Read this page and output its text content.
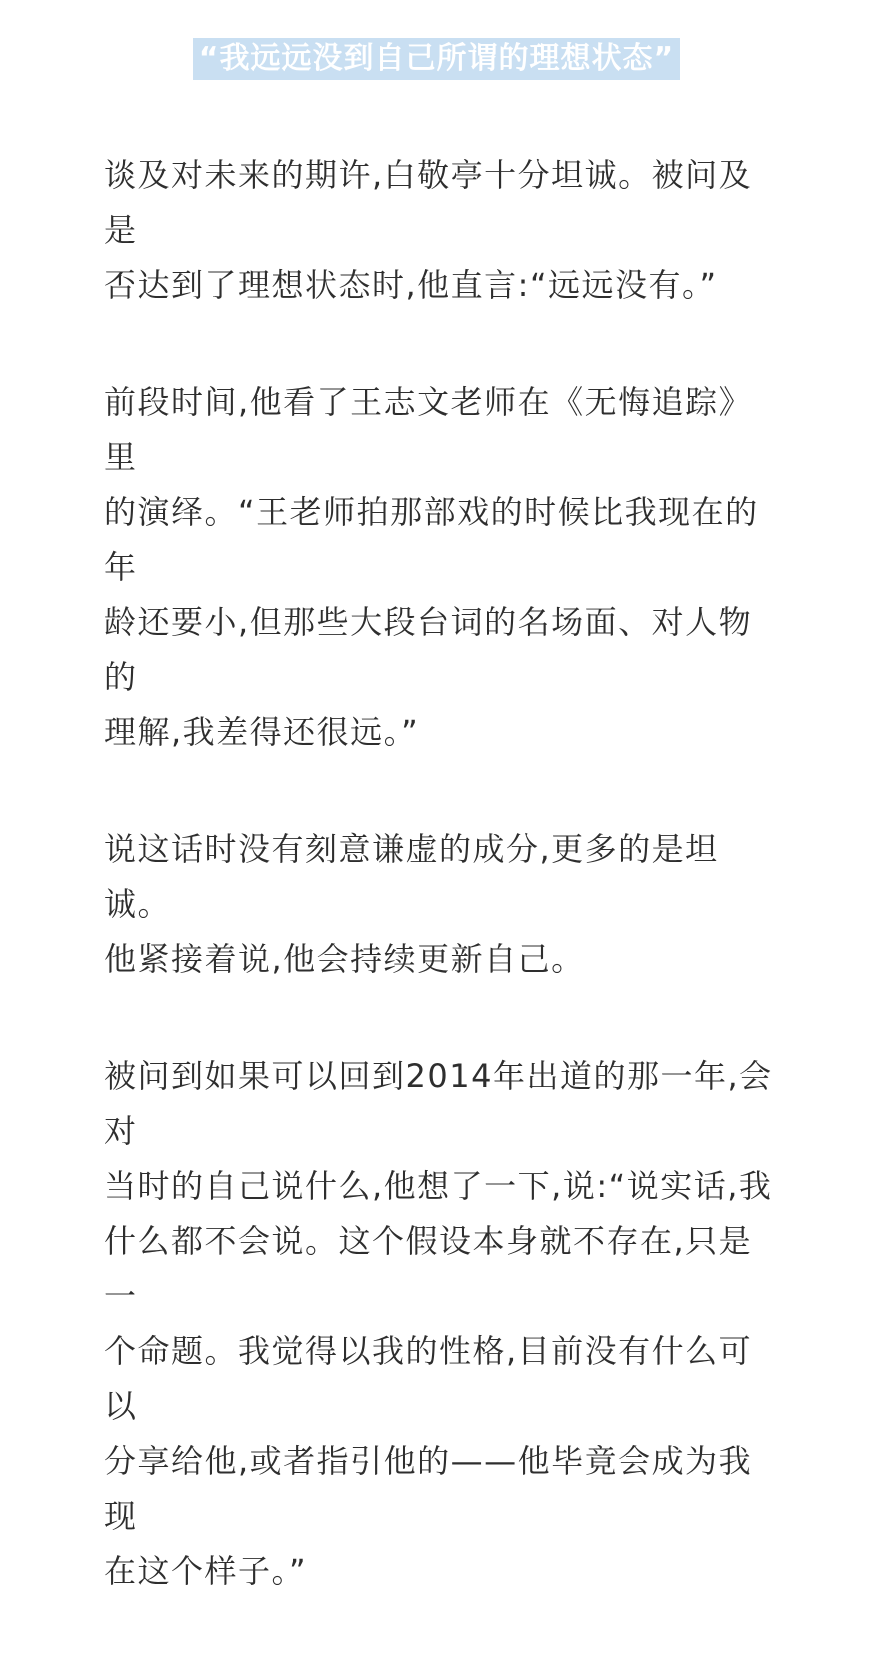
“我远远没到自己所谓的理想状态”

谈及对未来的期许,白敬亭十分坦诚。被问及是
否达到了理想状态时,他直言:“远远没有。”

前段时间,他看了王志文老师在《无悔追踪》里
的演绎。“王老师拍那部戏的时候比我现在的年
龄还要小,但那些大段台词的名场面、对人物的
理解,我差得还很远。”

说这话时没有刻意谦虚的成分,更多的是坦诚。
他紧接着说,他会持续更新自己。

被问到如果可以回到2014年出道的那一年,会对
当时的自己说什么,他想了一下,说:“说实话,我
什么都不会说。这个假设本身就不存在,只是一
个命题。我觉得以我的性格,目前没有什么可以
分享给他,或者指引他的——他毕竟会成为我现
在这个样子。”
